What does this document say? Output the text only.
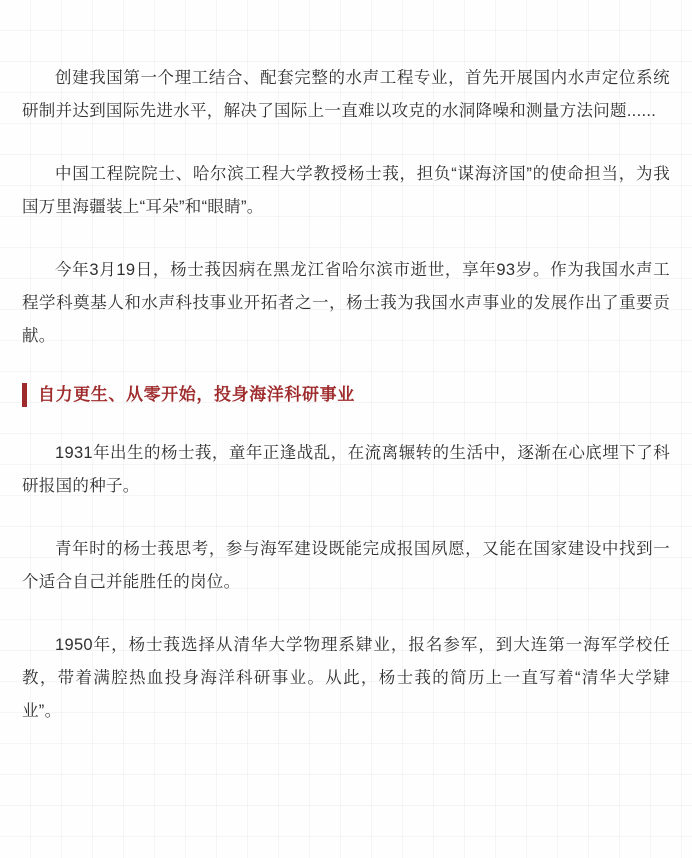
创建我国第一个理工结合、配套完整的水声工程专业，首先开展国内水声定位系统研制并达到国际先进水平，解决了国际上一直难以攻克的水洞降噪和测量方法问题......

中国工程院院士、哈尔滨工程大学教授杨士莪，担负“谋海济国”的使命担当，为我国万里海疆装上“耳朵”和“眼睛”。

今年3月19日，杨士莪因病在黑龙江省哈尔滨市逝世，享年93岁。作为我国水声工程学科奠基人和水声科技事业开拓者之一，杨士莪为我国水声事业的发展作出了重要贡献。

自力更生、从零开始，投身海洋科研事业

1931年出生的杨士莪，童年正逢战乱，在流离辗转的生活中，逐渐在心底埋下了科研报国的种子。

青年时的杨士莪思考，参与海军建设既能完成报国夙愿，又能在国家建设中找到一个适合自己并能胜任的岗位。

1950年，杨士莪选择从清华大学物理系肄业，报名参军，到大连第一海军学校任教，带着满腔热血投身海洋科研事业。从此，杨士莪的简历上一直写着“清华大学肄业”。
